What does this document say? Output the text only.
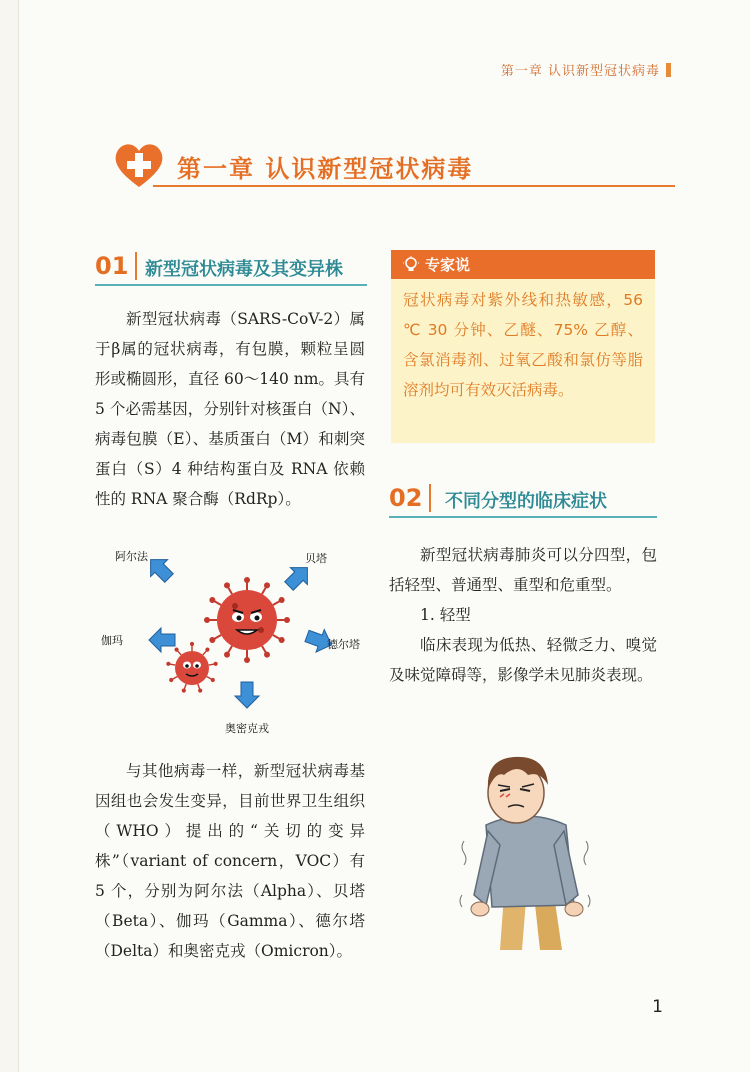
第一章 认识新型冠状病毒
第一章 认识新型冠状病毒
01 新型冠状病毒及其变异株

新型冠状病毒（SARS-CoV-2）属于β属的冠状病毒，有包膜，颗粒呈圆形或椭圆形，直径 60～140 nm。具有 5 个必需基因，分别针对核蛋白（N）、病毒包膜（E）、基质蛋白（M）和刺突蛋白（S）4 种结构蛋白及 RNA 依赖性的 RNA 聚合酶（RdRp）。

阿尔法	贝塔
伽玛	德尔塔
奥密克戎

与其他病毒一样，新型冠状病毒基因组也会发生变异，目前世界卫生组织（WHO）提出的“关切的变异株”（variant of concern，VOC）有 5 个，分别为阿尔法（Alpha）、贝塔（Beta）、伽玛（Gamma）、德尔塔（Delta）和奥密克戎（Omicron）。

专家说
冠状病毒对紫外线和热敏感，56 ℃ 30 分钟、乙醚、75% 乙醇、含氯消毒剂、过氧乙酸和氯仿等脂溶剂均可有效灭活病毒。
02 不同分型的临床症状

新型冠状病毒肺炎可以分四型，包括轻型、普通型、重型和危重型。

1. 轻型

临床表现为低热、轻微乏力、嗅觉及味觉障碍等，影像学未见肺炎表现。

1
